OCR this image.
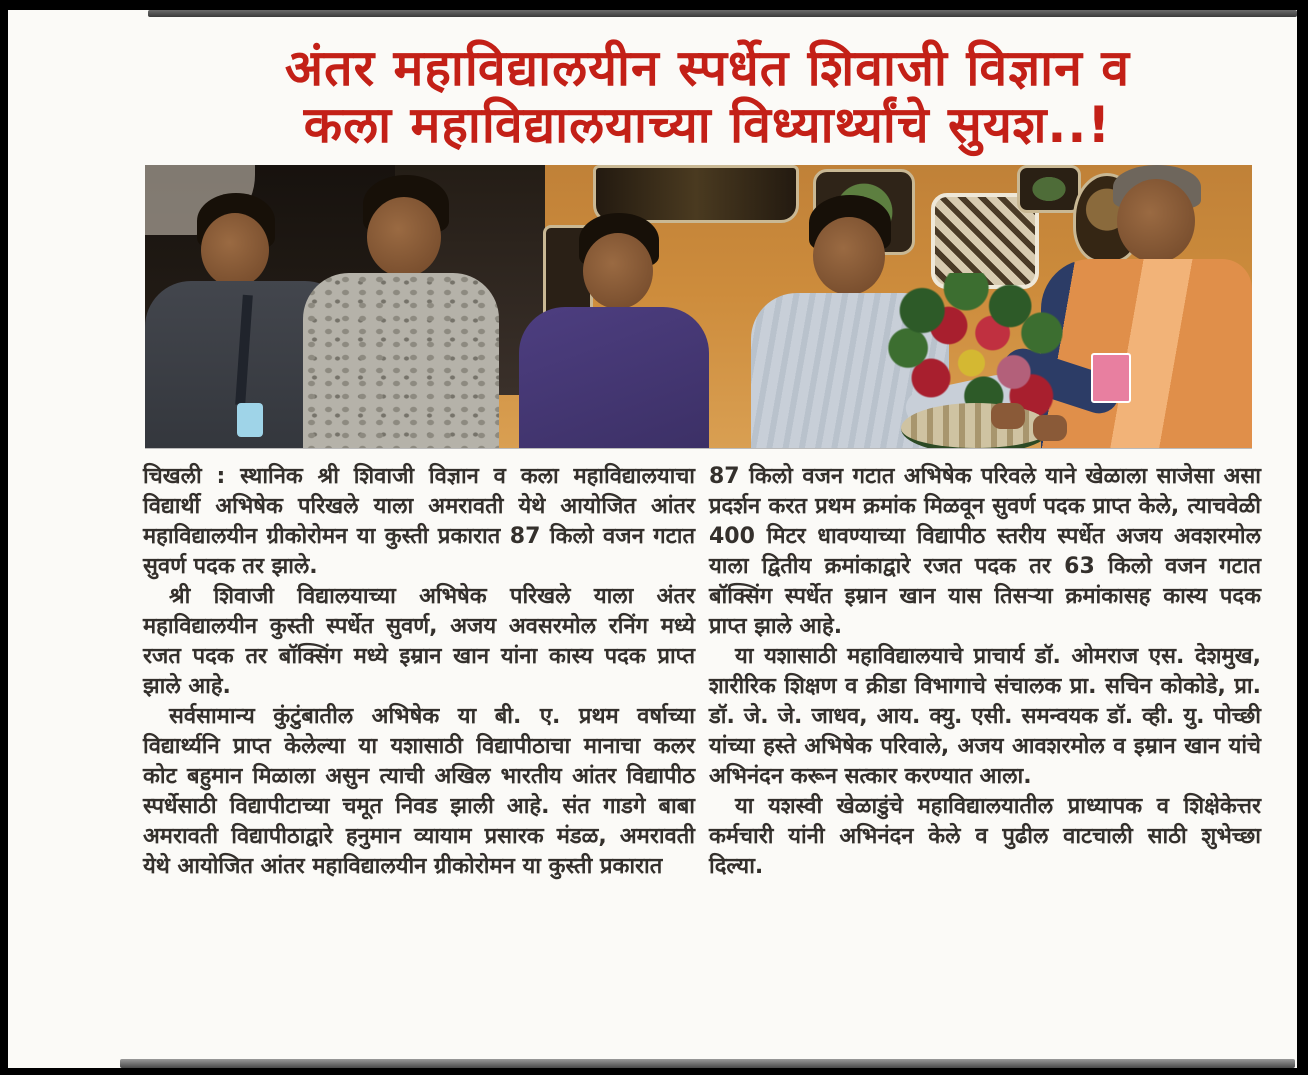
अंतर महाविद्यालयीन स्पर्धेत शिवाजी विज्ञान व
कला महाविद्यालयाच्या विध्यार्थ्यांचे सुयश..!

चिखली : स्थानिक श्री शिवाजी विज्ञान व कला महाविद्यालयाचा विद्यार्थी अभिषेक परिखले याला अमरावती येथे आयोजित आंतर महाविद्यालयीन ग्रीकोरोमन या कुस्ती प्रकारात 87 किलो वजन गटात सुवर्ण पदक तर झाले.

श्री शिवाजी विद्यालयाच्या अभिषेक परिखले याला अंतर महाविद्यालयीन कुस्ती स्पर्धेत सुवर्ण, अजय अवसरमोल रनिंग मध्ये रजत पदक तर बॉक्सिंग मध्ये इम्रान खान यांना कास्य पदक प्राप्त झाले आहे.

सर्वसामान्य कुंटुंबातील अभिषेक या बी. ए. प्रथम वर्षाच्या विद्यार्थ्यनि प्राप्त केलेल्या या यशासाठी विद्यापीठाचा मानाचा कलर कोट बहुमान मिळाला असुन त्याची अखिल भारतीय आंतर विद्यापीठ स्पर्धेसाठी विद्यापीटाच्या चमूत निवड झाली आहे. संत गाडगे बाबा अमरावती विद्यापीठाद्वारे हनुमान व्यायाम प्रसारक मंडळ, अमरावती येथे आयोजित आंतर महाविद्यालयीन ग्रीकोरोमन या कुस्ती प्रकारात

87 किलो वजन गटात अभिषेक परिवले याने खेळाला साजेसा असा प्रदर्शन करत प्रथम क्रमांक मिळवून सुवर्ण पदक प्राप्त केले, त्याचवेळी 400 मिटर धावण्याच्या विद्यापीठ स्तरीय स्पर्धेत अजय अवशरमोल याला द्वितीय क्रमांकाद्वारे रजत पदक तर 63 किलो वजन गटात बॉक्सिंग स्पर्धेत इम्रान खान यास तिसऱ्या क्रमांकासह कास्य पदक प्राप्त झाले आहे.

या यशासाठी महाविद्यालयाचे प्राचार्य डॉ. ओमराज एस. देशमुख, शारीरिक शिक्षण व क्रीडा विभागाचे संचालक प्रा. सचिन कोकोडे, प्रा. डॉ. जे. जे. जाधव, आय. क्यु. एसी. समन्वयक डॉ. व्ही. यु. पोच्छी यांच्या हस्ते अभिषेक परिवाले, अजय आवशरमोल व इम्रान खान यांचे अभिनंदन करून सत्कार करण्यात आला.

या यशस्वी खेळाडुंचे महाविद्यालयातील प्राध्यापक व शिक्षेकेत्तर कर्मचारी यांनी अभिनंदन केले व पुढील वाटचाली साठी शुभेच्छा दिल्या.
